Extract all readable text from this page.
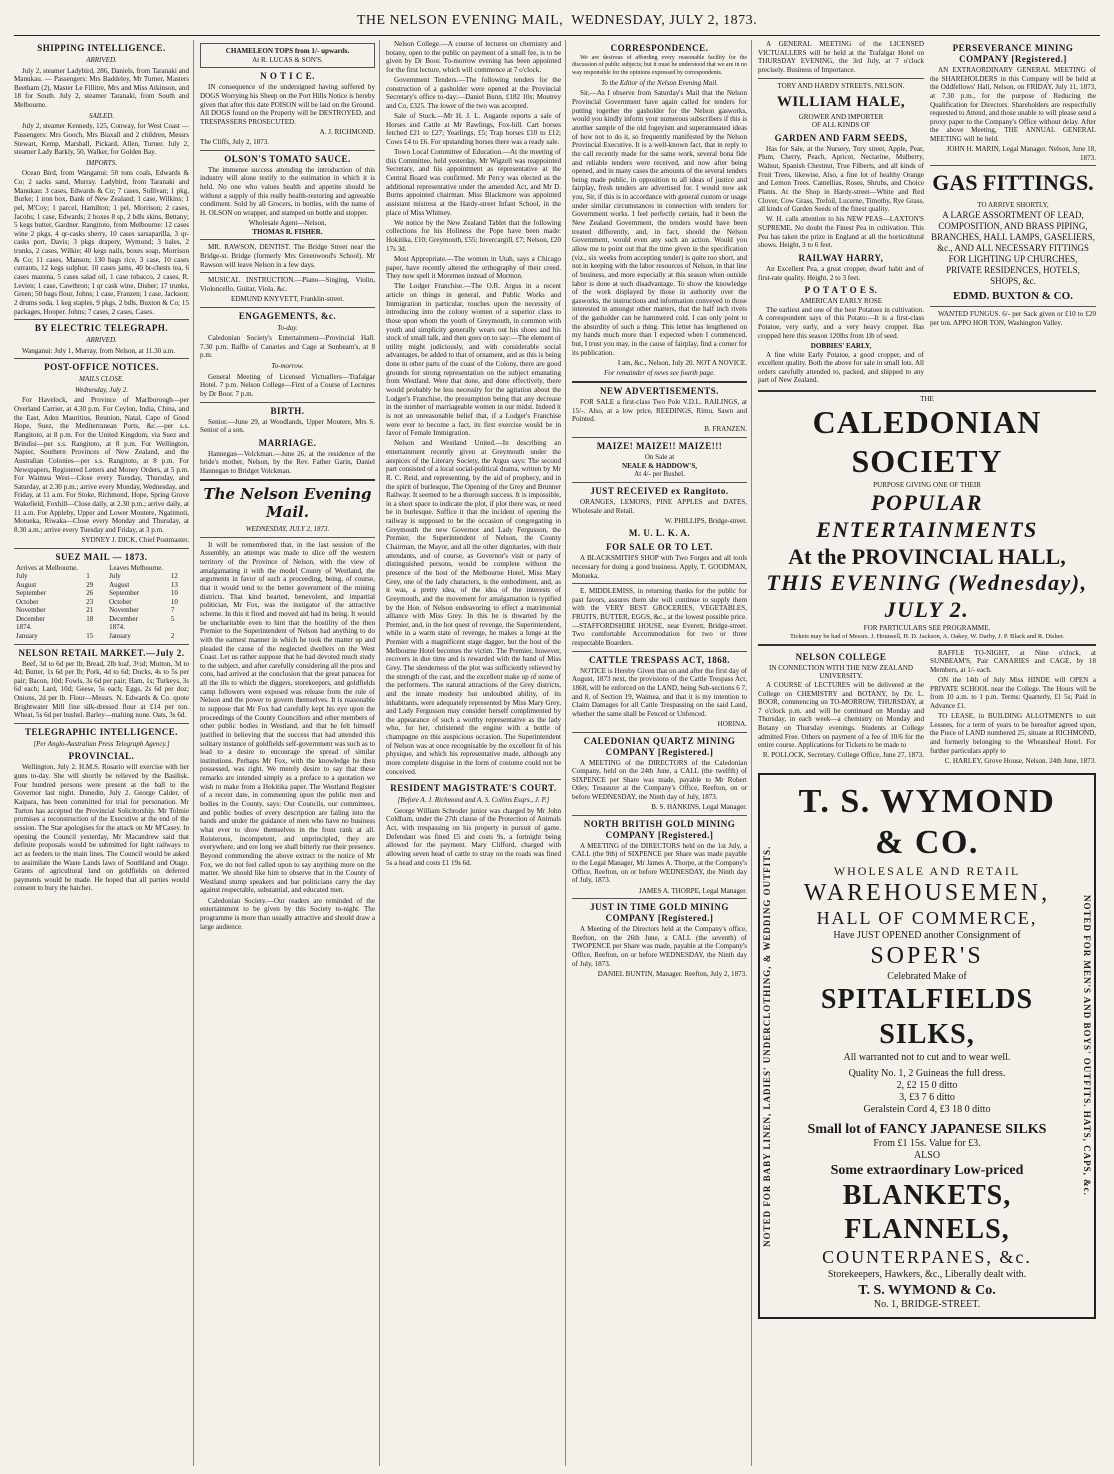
THE NELSON EVENING MAIL, WEDNESDAY, JULY 2, 1873.
SHIPPING INTELLIGENCE.
ARRIVED.

July 2, steamer Ladybird, 286, Daniels, from Taranaki and Manukau. — Passengers: Mrs Baddeley, Mr Turner, Masters Beetham (2), Master Le Fillitre, Mrs and Miss Atkinson, and 18 for South. July 2, steamer Taranaki, from South and Melbourne.

SAILED.

July 2, steamer Kennedy, 125, Conway, for West Coast — Passengers: Mrs Gooch, Mrs Biaxall and 2 children, Messrs Stewart, Kemp, Marshall, Pickard, Allen, Turner. July 2, steamer Lady Barkly, 50, Walker, for Golden Bay.

IMPORTS.

Ocean Bird, from Wanganui: 50 tons coals, Edwards & Co; 2 sacks sand, Murray. Ladybird, from Taranaki and Manukau: 3 cases, Edwards & Co; 7 cases, Sullivan; 1 pkg, Burke; 1 iron box, Bank of New Zealand; 1 case, Wilkins; 1 pel, M'Coy; 1 parcel, Hamilton; 1 pel, Morrison; 2 cases, Jacobs; 1 case, Edwards; 2 boxes 8 sp, 2 bdls skins, Bettany; 5 kegs butter, Gardner. Rangitoto, from Melbourne: 12 cases wine 2 pkgs, 4 qr-casks sherry, 10 cases sarsaparilla, 3 qr-casks port, Davis; 3 pkgs drapery, Wymond; 3 bales, 2 trunks, 2 cases, Wilkie; 40 kegs nails, boxes soap, Morrison & Co; 11 cases, Manson; 130 bags rice, 3 case, 10 cases currants, 12 kegs sulphur, 10 cases jams, 40 bt-chests tea, 6 cases mazena, 5 cases salad oil, 1 case tobacco, 2 cases, R. Levien; 1 case, Cawthron; 1 qr cask wine, Disher; 17 trunks, Green; 50 bags flour, Johns; 1 case, Franzen; 1 case, Jackson; 2 drums soda, 1 keg staples, 9 pkgs, 2 bdls, Buxton & Co; 15 packages, Hooper. Johns; 7 cases, 2 cases, Cases.

BY ELECTRIC TELEGRAPH.
ARRIVED.

Wanganui: July 1, Murray, from Nelson, at 11.30 a.m.

POST-OFFICE NOTICES.
MAILS CLOSE.
Wednesday, July 2.

For Havelock, and Province of Marlborough—per Overland Carrier, at 4.30 p.m. For Ceylon, India, China, and the East, Aden Mauritius, Reunion, Natal, Cape of Good Hope, Suez, the Mediterranean Ports, &c.—per s.s. Rangitoto, at 8 p.m. For the United Kingdom, via Suez and Brindisi—per s.s. Rangitoto, at 8 p.m. For Wellington, Napier, Southern Provinces of New Zealand, and the Australian Colonies—per s.s. Rangitoto, at 8 p.m. For Newspapers, Registered Letters and Money Orders, at 5 p.m. For Waimea West—Close every Tuesday, Thursday, and Saturday, at 2.30 p.m.; arrive every Monday, Wednesday, and Friday, at 11 a.m. For Stoke, Richmond, Hope, Spring Grove Wakefield, Foxhill—Close daily, at 2.30 p.m.; arrive daily, at 11 a.m. For Appleby, Upper and Lower Moutere, Ngatimoti, Motueka, Riwaka—Close every Monday and Thursday, at 8.30 a.m.; arrive every Tuesday and Friday, at 3 p.m.

SYDNEY J. DICK, Chief Postmaster.

SUEZ MAIL — 1873.
Arrives at Melbourne.		Leaves Melbourne.	
July	1	July	12
August	29	August	13
September	26	September	10
October	23	October	10
November	21	November	7
December	18	December	5
1874.		1874.	
January	15	January	2
NELSON RETAIL MARKET.—July 2.

Beef, 3d to 6d per lb; Bread, 2lb loaf, 3½d; Mutton, 3d to 4d; Butter, 1s 6d per lb; Pork, 4d to 6d; Ducks, 4s to 5s per pair; Bacon, 10d; Fowls, 3s 6d per pair; Ham, 1s; Turkeys, 3s 6d each; Lard, 10d; Geese, 5s each; Eggs, 2s 6d per doz; Onions, 2d per lb. Flour—Messrs. N. Edwards & Co. quote Brightwater Mill fine silk-dressed flour at £14 per ton. Wheat, 5s 6d per bushel. Barley—malting none. Oats, 3s 6d.

TELEGRAPHIC INTELLIGENCE.
[Per Anglo-Australian Press Telegraph Agency.]
PROVINCIAL.

Wellington, July 2. H.M.S. Rosario will exercise with her guns to-day. She will shortly be relieved by the Basilisk. Four hundred persons were present at the ball to the Governor last night. Dunedin, July 2. George Calder, of Kaipara, has been committed for trial for personation. Mr Turton has accepted the Provincial Solicitorship. Mr Tolmie promises a reconstruction of the Executive at the end of the session. The Star apologises for the attack on Mr M'Casey. In opening the Council yesterday, Mr Macandrew said that definite proposals would be submitted for light railways to act as feeders to the main lines. The Council would be asked to assimilate the Waste Lands laws of Southland and Otago. Grants of agricultural land on goldfields on deferred payments would be made. He hoped that all parties would consent to bury the hatchet.

CHAMELEON TOPS from 1/- upwards.
At R. LUCAS & SON'S.
N O T I C E.

IN consequence of the undersigned having suffered by DOGS Worrying his Sheep on the Port Hills Notice is hereby given that after this date POISON will be laid on the Ground. All DOGS found on the Property will be DESTROYED, and TRESPASSERS PROSECUTED.

A. J. RICHMOND.

The Cliffs, July 2, 1873.

OLSON'S TOMATO SAUCE.

The immense success attending the introduction of this industry will alone testify to the estimation in which it is held. No one who values health and appetite should be without a supply of this really health-restoring and agreeable condiment. Sold by all Grocers, in bottles, with the name of H. OLSON on wrapper, and stamped on bottle and stopper.

Wholesale Agent—Nelson,
THOMAS R. FISHER.

MR. RAWSON, DENTIST. The Bridge Street near the Bridge-st. Bridge (formerly Mrs Greenwood's School). Mr Rawson will leave Nelson in a few days.

MUSICAL INSTRUCTION.—Piano—Singing, Violin, Violoncello, Guitar, Viola, &c.

EDMUND KNYVETT, Franklin-street.
ENGAGEMENTS, &c.
To-day.

Caledonian Society's Entertainment—Provincial Hall. 7.30 p.m. Raffle of Canaries and Cage at Sunbeam's, at 8 p.m.

To-morrow.

General Meeting of Licensed Victuallers—Trafalgar Hotel. 7 p.m. Nelson College—First of a Course of Lectures by Dr Boor. 7 p.m.

BIRTH.

Senior.—June 29, at Woodlands, Upper Moutere, Mrs S. Senior of a son.

MARRIAGE.

Hannegan—Volckman.—June 26, at the residence of the bride's mother, Nelson, by the Rev. Father Garin, Daniel Hannegan to Bridget Volckman.

The Nelson Evening Mail.
WEDNESDAY, JULY 2, 1873.

It will be remembered that, in the last session of the Assembly, an attempt was made to slice off the western territory of the Province of Nelson, with the view of amalgamating it with the model County of Westland, the arguments in favor of such a proceeding, being, of course, that it would tend to the better government of the mining districts. That kind hearted, benevolent, and impartial politician, Mr Fox, was the instigator of the attractive scheme. In this it fired and moved aid had its being. It would be uncharitable even to hint that the hostility of the then Premier to the Superintendent of Nelson had anything to do with the earnest manner in which he took the matter up and pleaded the cause of the neglected dwellers on the West Coast. Let us rather suppose that he had devoted much study to the subject, and after carefully considering all the pros and cons, had arrived at the conclusion that the great panacea for all the ills to which the diggers, storekeepers, and goldfields camp followers were exposed was release from the rule of Nelson and the power to govern themselves. It is reasonable to suppose that Mr Fox had carefully kept his eye upon the proceedings of the County Councillors and other members of other public bodies in Westland, and that he felt himself justified in believing that the success that had attended this solitary instance of goldfields self-government was such as to lead to a desire to encourage the spread of similar institutions. Perhaps Mr Fox, with the knowledge he then possessed, was right. We merely desire to say that these remarks are intended simply as a preface to a quotation we wish to make from a Hokitika paper. The Westland Register of a recent date, in commenting upon the public men and bodies in the County, says: Our Councils, our committees, and public bodies of every description are failing into the hands and under the guidance of men who have no business what ever to show themselves in the front rank at all. Roisterous, incompetent, and unprincipled, they are everywhere, and ere long we shall bitterly rue their presence. Beyond commending the above extract to the notice of Mr Fox, we do not feel called upon to say anything more on the matter. We should like him to observe that in the County of Westland stump speakers and bar politicians carry the day against respectable, substantial, and educated men.

Caledonian Society.—Our readers are reminded of the entertainment to be given by this Society to-night. The programme is more than usually attractive and should draw a large audience.

Nelson College.—A course of lectures on chemistry and botany, open to the public on payment of a small fee, is to be given by Dr Boor. To-morrow evening has been appointed for the first lecture, which will commence at 7 o'clock.

Government Tenders.—The following tenders for the construction of a gasholder were opened at the Provincial Secretary's office to-day:—Daniel Bunn, £182 10s; Moutrey and Co, £325. The lower of the two was accepted.

Sale of Stock.—Mr H. J. L. Augarde reports a sale of Horses and Cattle at Mr Rawlings, Fox-hill. Cart horses fetched £21 to £27; Yearlings, £5; Trap horses £10 to £12; Cows £4 to £6. For upstanding horses there was a ready sale.

Town Local Committee of Education.—At the meeting of this Committee, held yesterday, Mr Wigzell was reappointed Secretary, and his appointment as representative at the Central Board was confirmed. Mr Percy was elected as the additional representative under the amended Act, and Mr D. Burns appointed chairman. Miss Blackmore was appointed assistant mistress at the Hardy-street Infant School, in the place of Miss Whitney.

We notice by the New Zealand Tablet that the following collections for his Holiness the Pope have been made: Hokitika, £10; Greymouth, £55; Invercargill, £7; Nelson, £20 17s 3d.

Most Appropriate.—The women in Utah, says a Chicago paper, have recently altered the orthography of their creed. They now spell it Moremen instead of Mormon.

The Lodger Franchise.—The O.R. Argus in a recent article on things in general, and Public Works and Immigration in particular, touches upon the necessity of introducing into the colony women of a superior class to those upon whom the youth of Greymouth, in common with youth and simplicity generally wears out his shoes and his stock of small talk, and then goes on to say:—The element of utility might judiciously, and with considerable social advantages, be added to that of ornament, and as this is being done in other parts of the coast of the Colony, there are good grounds for strong representation on the subject emanating from Westland. Were that done, and done effectively, there would probably be less necessity for the agitation about the Lodger's Franchise, the presumption being that any decrease in the number of marriageable women in our midst. Indeed it is not an unreasonable belief that, if a Lodger's Franchise were ever to become a fact, its first exercise would be in favor of Female Immigration.

Nelson and Westland United.—In describing an entertainment recently given at Greymouth under the auspices of the Literary Society, the Argus says: The second part consisted of a local social-political drama, written by Mr R. C. Reid, and representing, by the aid of prophecy, and in the spirit of burlesque, The Opening of the Grey and Brunner Railway. It seemed to be a thorough success. It is impossible, in a short space to indicate the plot, if plot there was, or need be in burlesque. Suffice it that the incident of opening the railway is supposed to be the occasion of congregating in Greymouth the new Governor and Lady Fergusson, the Premier, the Superintendent of Nelson, the County Chairman, the Mayor, and all the other dignitaries, with their attendants, and of course, as Governor's visit or party of distinguished persons, would be complete without the presence of the host of the Melbourne Hotel, Miss Mary Grey, one of the lady characters, is the embodiment, and, as it was, a pretty idea, of the idea of the interests of Greymouth, and the movement for amalgamation is typified by the Hon. of Nelson endeavoring to effect a matrimonial alliance with Miss Grey. In this he is thwarted by the Premier, and, in the hot quest of revenge, the Superintendent, while in a warm state of revenge, he makes a lunge at the Premier with a magnificent stage dagger, but the host of the Melbourne Hotel becomes the victim. The Premier, however, recovers in due time and is rewarded with the hand of Miss Grey. The slenderness of the plot was sufficiently relieved by the strength of the cast, and the excellent make up of some of the performers. The natural attractions of the Grey districts, and the innate modesty but undoubted ability, of its inhabitants, were adequately represented by Miss Mary Grey, and Lady Fergusson may consider herself complimented by the appearance of such a worthy representative as the lady who, for her, christened the engine with a bottle of champagne on this auspicious occasion. The Superintendent of Nelson was at once recognisable by the excellent fit of his physique, and which his representative made, although any more complete disguise in the form of costume could not be conceived.

RESIDENT MAGISTRATE'S COURT.
[Before A. J. Richmond and A. S. Collins Esqrs., J. P.]

George William Schroder junior was charged by Mr John Coldham, under the 27th clause of the Protection of Animals Act, with trespassing on his property in pursuit of game. Defendant was fined £5 and costs 9s, a fortnight being allowed for the payment. Mary Clifford, charged with allowing seven head of cattle to stray on the roads was fined 5s a head and costs £1 19s 6d.

CORRESPONDENCE.

We are desirous of affording every reasonable facility for the discussion of public subjects; but it must be understood that we are in no way responsible for the opinions expressed by correspondents.

To the Editor of the Nelson Evening Mail.

Sir,—As I observe from Saturday's Mail that the Nelson Provincial Government have again called for tenders for putting together the gasholder for the Nelson gasworks, would you kindly inform your numerous subscribers if this is another sample of the old fogeyism and superannuated ideas of how not to do it, so frequently manifested by the Nelson Provincial Executive. It is a well-known fact, that in reply to the call recently made for the same work, several bona fide and reliable tenders were received, and now after being opened, and in many cases the amounts of the several tenders being made public, in opposition to all ideas of justice and fairplay, fresh tenders are advertised for. I would now ask you, Sir, if this is in accordance with general custom or usage under similar circumstances in connection with tenders for Government works. I feel perfectly certain, had it been the New Zealand Government, the tenders would have been treated differently, and, in fact, should the Nelson Government, would even any such an action. Would you allow me to point out that the time given in the specification (viz., six weeks from accepting tender) is quite too short, and not in keeping with the labor resources of Nelson, in that line of business, and more especially at this season when outside labor is done at such disadvantage. To show the knowledge of the work displayed by those in authority over the gasworks, the instructions and information conveyed to those interested in amongst other matters, that the half inch rivets of the gasholder can be hammered cold. I can only point to the absurdity of such a thing. This letter has lengthened on my hands much more than I expected when I commenced, but, I trust you may, in the cause of fairplay, find a corner for its publication.

I am, &c., Nelson, July 20. NOT A NOVICE.

For remainder of news see fourth page.
NEW ADVERTISEMENTS.

FOR SALE a first-class Two Pole V.D.L. RAILINGS, at 15/-. Also, at a low price, REEDINGS, Rimu, Sawn and Pointed.

B. FRANZEN.

MAIZE! MAIZE!! MAIZE!!!
On Sale at
NEALE & HADDOW'S,
At 4/- per Bushel.
JUST RECEIVED ex Rangitoto.

ORANGES, LEMONS, PINE APPLES and DATES, Wholesale and Retail.

W. PHILLIPS, Bridge-street.

M. U. L. K. A.
FOR SALE OR TO LET.

A BLACKSMITH'S SHOP with Two Forges and all tools necessary for doing a good business. Apply, T. GOODMAN, Motueka.

E. MIDDLEMISS, in returning thanks for the public for past favors, assures them she will continue to supply them with the VERY BEST GROCERIES, VEGETABLES, FRUITS, BUTTER, EGGS, &c., at the lowest possible price.—STAFFORDSHIRE HOUSE, near Everett, Bridge-street. Two comfortable Accommodation for two or three respectable Boarders.

CATTLE TRESPASS ACT, 1868.

NOTICE is Hereby Given that on and after the first day of August, 1873 next, the provisions of the Cattle Trespass Act, 1868, will be enforced on the LAND, being Sub-sections 6 7, and 8, of Section 19, Waimea, and that it is my intention to Claim Damages for all Cattle Trespassing on the said Land, whether the same shall be Fenced or Unfenced.

HORINA.

CALEDONIAN QUARTZ MINING COMPANY [Registered.]

A MEETING of the DIRECTORS of the Caledonian Company, held on the 24th June, a CALL (the twelfth) of SIXPENCE per Share was made, payable to Mr Robert Otley, Treasurer at the Company's Office, Reefton, on or before WEDNESDAY, the Ninth day of July, 1873.

B. S. HANKINS, Legal Manager.

NORTH BRITISH GOLD MINING COMPANY [Registered.]

A MEETING of the DIRECTORS held on the 1st July, a CALL (the 9th) of SIXPENCE per Share was made payable to the Legal Manager, Mr James A. Thorpe, at the Company's Office, Reefton, on or before WEDNESDAY, the Ninth day of July, 1873.

JAMES A. THORPE, Legal Manager.

JUST IN TIME GOLD MINING COMPANY [Registered.]

A Meeting of the Directors held at the Company's office, Reefton, on the 26th June, a CALL (the seventh) of TWOPENCE per Share was made, payable at the Company's Office, Reefton, on or before WEDNESDAY, the Ninth day of July, 1873.

DANIEL BUNTIN, Manager. Reefton, July 2, 1873.

A GENERAL MEETING of the LICENSED VICTUALLERS will be held at the Trafalgar Hotel on THURSDAY EVENING, the 3rd July, at 7 o'clock precisely. Business of Importance.

TORY AND HARDY STREETS, NELSON.
WILLIAM HALE,
GROWER AND IMPORTER
OF ALL KINDS OF
GARDEN AND FARM SEEDS,

Has for Sale, at the Nursery, Tory street, Apple, Pear, Plum, Cherry, Peach, Apricot, Nectarine, Mulberry, Walnut, Spanish Chestnut, True Filberts, and all kinds of Fruit Trees, likewise, Also, a fine lot of healthy Orange and Lemon Trees. Camellias, Roses, Shrubs, and Choice Plants. At the Shop in Hardy-street—White and Red Clover, Cow Grass, Trefoil, Lucerne, Timothy, Rye Grass, all kinds of Garden Seeds of the finest quality.

W. H. calls attention to his NEW PEAS—LAXTON'S SUPREME. No doubt the Finest Pea in cultivation. This Pea has taken the prize in England at all the horticultural shows. Height, 3 to 6 feet.

RAILWAY HARRY,

An Excellent Pea, a great cropper, dwarf habit and of first-rate quality. Height, 2 to 3 feet.

P O T A T O E S.
AMERICAN EARLY ROSE

The earliest and one of the best Potatoes in cultivation. A correspondent says of this Potato:—It is a first-class Potatoe, very early, and a very heavy cropper. Has cropped here this season 120lbs from 1lb of seed.

DOBBIES' EARLY,

A fine white Early Potatoe, a good cropper, and of excellent quality. Both the above for sale in small lots. All orders carefully attended to, packed, and shipped to any part of New Zealand.

PERSEVERANCE MINING COMPANY [Registered.]

AN EXTRAORDINARY GENERAL MEETING of the SHAREHOLDERS in this Company will be held at the Oddfellows' Hall, Nelson, on FRIDAY, July 11, 1873, at 7.30 p.m., for the purpose of Reducing the Qualification for Directors. Shareholders are respectfully requested to Attend, and those unable to will please send a proxy paper to the Company's Office without delay. After the above Meeting, THE ANNUAL GENERAL MEETING will be held.

JOHN H. MARIN, Legal Manager. Nelson, June 18, 1873.

GAS FITTINGS.
TO ARRIVE SHORTLY,
A LARGE ASSORTMENT OF LEAD, COMPOSITION, AND BRASS PIPING, BRANCHES, HALL LAMPS, GASELIERS, &c., AND ALL NECESSARY FITTINGS FOR LIGHTING UP CHURCHES, PRIVATE RESIDENCES, HOTELS, SHOPS, &c.
EDMD. BUXTON & CO.

WANTED FUNGUS. 6/- per Sack given or £10 to £20 per ton. APPO HOR TON, Washington Valley.

THE
CALEDONIAN SOCIETY
PURPOSE GIVING ONE OF THEIR
POPULAR ENTERTAINMENTS
At the PROVINCIAL HALL,
THIS EVENING (Wednesday), JULY 2.
FOR PARTICULARS SEE PROGRAMME.
Tickets may be had of Messrs. J. Hounsell, H. D. Jackson, A. Oakey, W. Darby, J. P. Black and R. Disher.
NELSON COLLEGE
IN CONNECTION WITH THE NEW ZEALAND UNIVERSITY.

A COURSE of LECTURES will be delivered at the College on CHEMISTRY and BOTANY, by Dr. L. BOOR, commencing on TO-MORROW, THURSDAY, at 7 o'clock p.m. and will be continued on Monday and Thursday, in each week—a chemistry on Monday and Botany on Thursday evenings. Students at College admitted Free. Others on payment of a fee of 10/6 for the entire course. Applications for Tickets to be made to

R. POLLOCK, Secretary. College Office, June 27, 1873.

RAFFLE TO-NIGHT, at Nine o'clock, at SUNBEAM'S, Pair CANARIES and CAGE, by 18 Members, at 1/- each.

ON the 14th of July Miss HINDE will OPEN a PRIVATE SCHOOL near the College. The Hours will be from 10 a.m. to 1 p.m. Terms: Quarterly, £1 5s; Paid in Advance £1.

TO LEASE, in BUILDING ALLOTMENTS to suit Lessees, for a term of years to be hereafter agreed upon, the Piece of LAND numbered 25, situate at RICHMOND, and formerly belonging to the Wheatsheaf Hotel. For further particulars apply to

C. HARLEY, Grove House, Nelson. 24th June, 1873.

NOTED FOR BABY LINEN, LADIES' UNDERCLOTHING, & WEDDING OUTFITS.	NOTED FOR MEN'S AND BOYS' OUTFITS. HATS, CAPS, &c.
T. S. WYMOND & CO.
WHOLESALE AND RETAIL
WAREHOUSEMEN,
HALL OF COMMERCE,
Have JUST OPENED another Consignment of
SOPER'S
Celebrated Make of
SPITALFIELDS SILKS,
All warranted not to cut and to wear well.
Quality No. 1, 2 Guineas the full dress.
2, £2 15 0 ditto
3, £3 7 6 ditto
Geralstein Cord 4, £3 18 0 ditto
Small lot of FANCY JAPANESE SILKS
From £1 15s. Value for £3.
ALSO
Some extraordinary Low-priced
BLANKETS, FLANNELS,
COUNTERPANES, &c.
Storekeepers, Hawkers, &c., Liberally dealt with.
T. S. WYMOND & Co.
No. 1, BRIDGE-STREET.
